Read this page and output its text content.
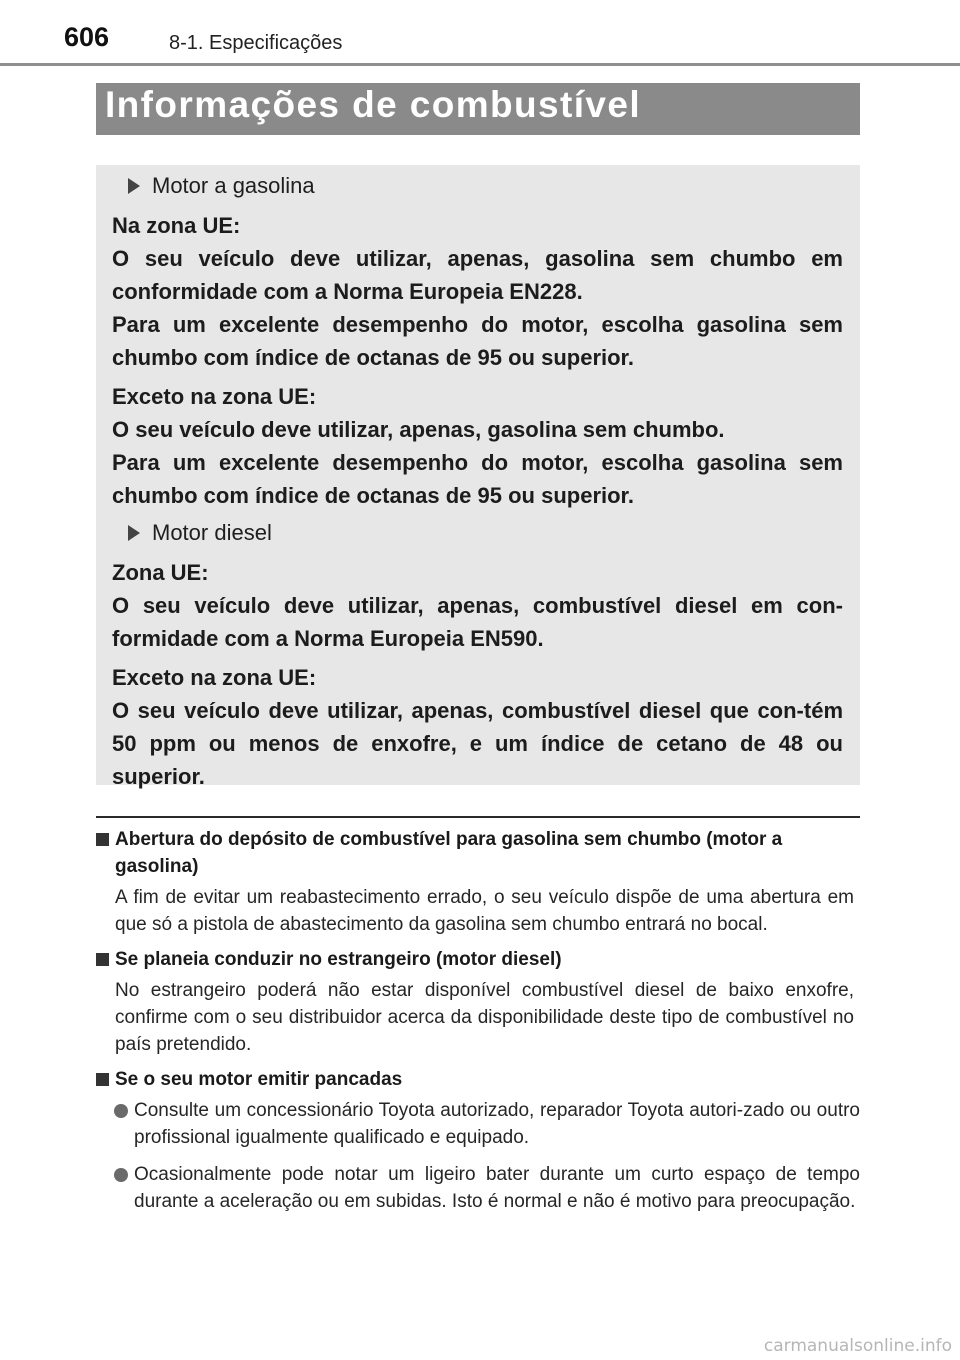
606	8-1. Especificações
Informações de combustível
Motor a gasolina

Na zona UE:
O seu veículo deve utilizar, apenas, gasolina sem chumbo em conformidade com a Norma Europeia EN228.
Para um excelente desempenho do motor, escolha gasolina sem chumbo com índice de octanas de 95 ou superior.

Exceto na zona UE:
O seu veículo deve utilizar, apenas, gasolina sem chumbo.
Para um excelente desempenho do motor, escolha gasolina sem chumbo com índice de octanas de 95 ou superior.

Motor diesel

Zona UE:
O seu veículo deve utilizar, apenas, combustível diesel em con-formidade com a Norma Europeia EN590.

Exceto na zona UE:
O seu veículo deve utilizar, apenas, combustível diesel que con-tém 50 ppm ou menos de enxofre, e um índice de cetano de 48 ou superior.

Abertura do depósito de combustível para gasolina sem chumbo (motor a gasolina)
A fim de evitar um reabastecimento errado, o seu veículo dispõe de uma abertura em que só a pistola de abastecimento da gasolina sem chumbo entrará no bocal.
Se planeia conduzir no estrangeiro (motor diesel)
No estrangeiro poderá não estar disponível combustível diesel de baixo enxofre, confirme com o seu distribuidor acerca da disponibilidade deste tipo de combustível no país pretendido.
Se o seu motor emitir pancadas
Consulte um concessionário Toyota autorizado, reparador Toyota autori-zado ou outro profissional igualmente qualificado e equipado.
Ocasionalmente pode notar um ligeiro bater durante um curto espaço de tempo durante a aceleração ou em subidas. Isto é normal e não é motivo para preocupação.
carmanualsonline.info
